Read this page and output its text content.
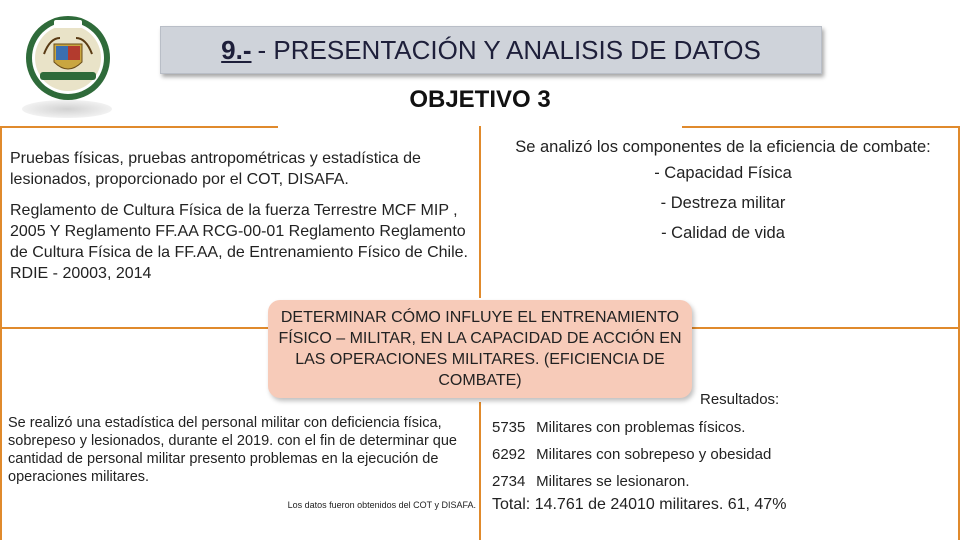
9.- - PRESENTACIÓN Y ANALISIS DE DATOS
OBJETIVO 3
Pruebas físicas, pruebas antropométricas y estadística de lesionados, proporcionado por el COT, DISAFA.
Reglamento de Cultura Física de la fuerza Terrestre MCF MIP , 2005 Y Reglamento FF.AA RCG-00-01 Reglamento Reglamento de Cultura Física de la FF.AA, de Entrenamiento Físico de Chile. RDIE - 20003, 2014
Se analizó los componentes de la eficiencia de combate:
- Capacidad Física
- Destreza militar
- Calidad de vida
DETERMINAR CÓMO INFLUYE EL ENTRENAMIENTO FÍSICO – MILITAR, EN LA CAPACIDAD DE ACCIÓN EN LAS OPERACIONES MILITARES. (EFICIENCIA DE COMBATE)
Se realizó una estadística del personal militar con deficiencia física, sobrepeso y lesionados, durante el 2019. con el fin de determinar que cantidad de personal militar presento problemas en la ejecución de operaciones militares.
Los datos fueron obtenidos del COT y DISAFA.
Resultados:
5735 Militares con problemas físicos.
6292 Militares con sobrepeso y obesidad
2734 Militares se lesionaron.
Total: 14.761 de 24010 militares. 61, 47%
